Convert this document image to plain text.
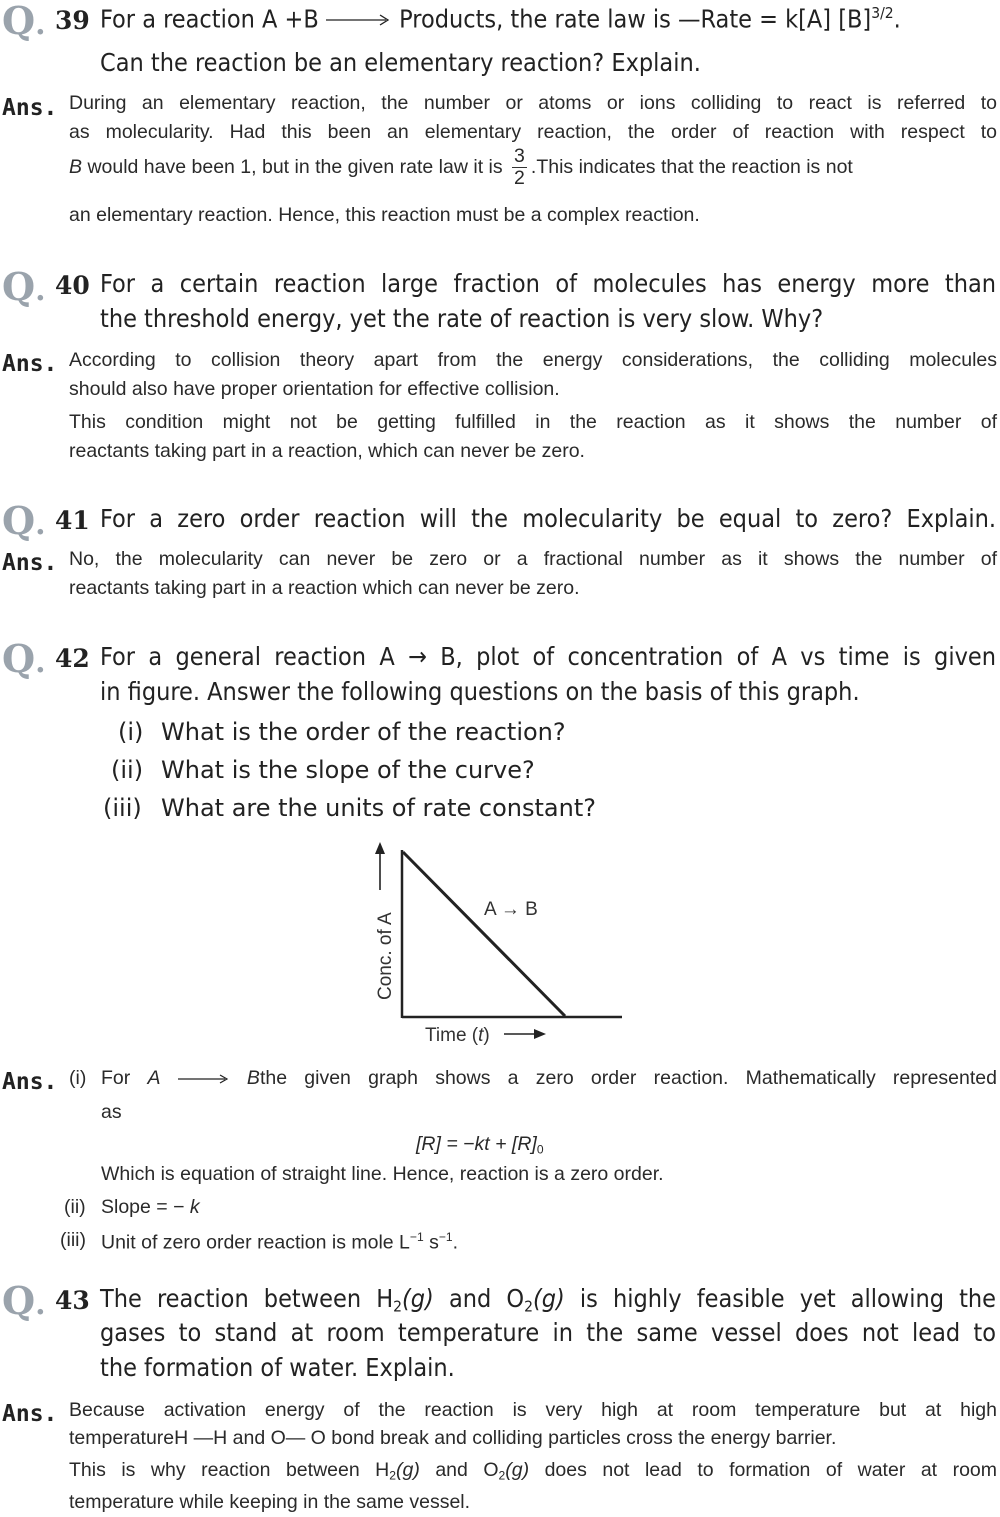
Q. 39 For a reaction A +B	Products, the rate law is —Rate = k[A] $[B]^{3/2}$.
Can the reaction be an elementary reaction? Explain.
Ans. During an elementary reaction, the number or atoms or ions colliding to react is referred to
as molecularity. Had this been an elementary reaction, the order of reaction with respect to
B would have been 1, but in the given rate law it is $\frac{3}{2}$ .This indicates that the reaction is not
an elementary reaction. Hence, this reaction must be a complex reaction.
Q. 40 For a certain reaction large fraction of molecules has energy more than
the threshold energy, yet the rate of reaction is very slow. Why?
Ans. According to collision theory apart from the energy considerations, the colliding molecules
should also have proper orientation for effective collision.
This condition might not be getting fulfilled in the reaction as it shows the number of
reactants taking part in a reaction, which can never be zero.
Q. 41 For a zero order reaction will the molecularity be equal to zero? Explain.
Ans. No, the molecularity can never be zero or a fractional number as it shows the number of
reactants taking part in a reaction which can never be zero.
Q. 42 For a general reaction A → B, plot of concentration of A vs time is given
in figure. Answer the following questions on the basis of this graph.
(i) What is the order of the reaction?
(ii) What is the slope of the curve?
(iii) What are the units of rate constant?
Conc. of A
A → B
Time (t)
Ans. (i) For A	Bthe given graph shows a zero order reaction. Mathematically represented
as
$[R] = -kt + [R]_0$
Which is equation of straight line. Hence, reaction is a zero order.
(ii) Slope = − k
(iii) Unit of zero order reaction is mole $L^{-1}$ $s^{-1}$.
Q. 43 The reaction between $H_2(g)$ and $O_2(g)$ is highly feasible yet allowing the
gases to stand at room temperature in the same vessel does not lead to
the formation of water. Explain.
Ans. Because activation energy of the reaction is very high at room temperature but at high
temperatureH —H and O— O bond break and colliding particles cross the energy barrier.
This is why reaction between $H_2(g)$ and $O_2(g)$ does not lead to formation of water at room
temperature while keeping in the same vessel.
